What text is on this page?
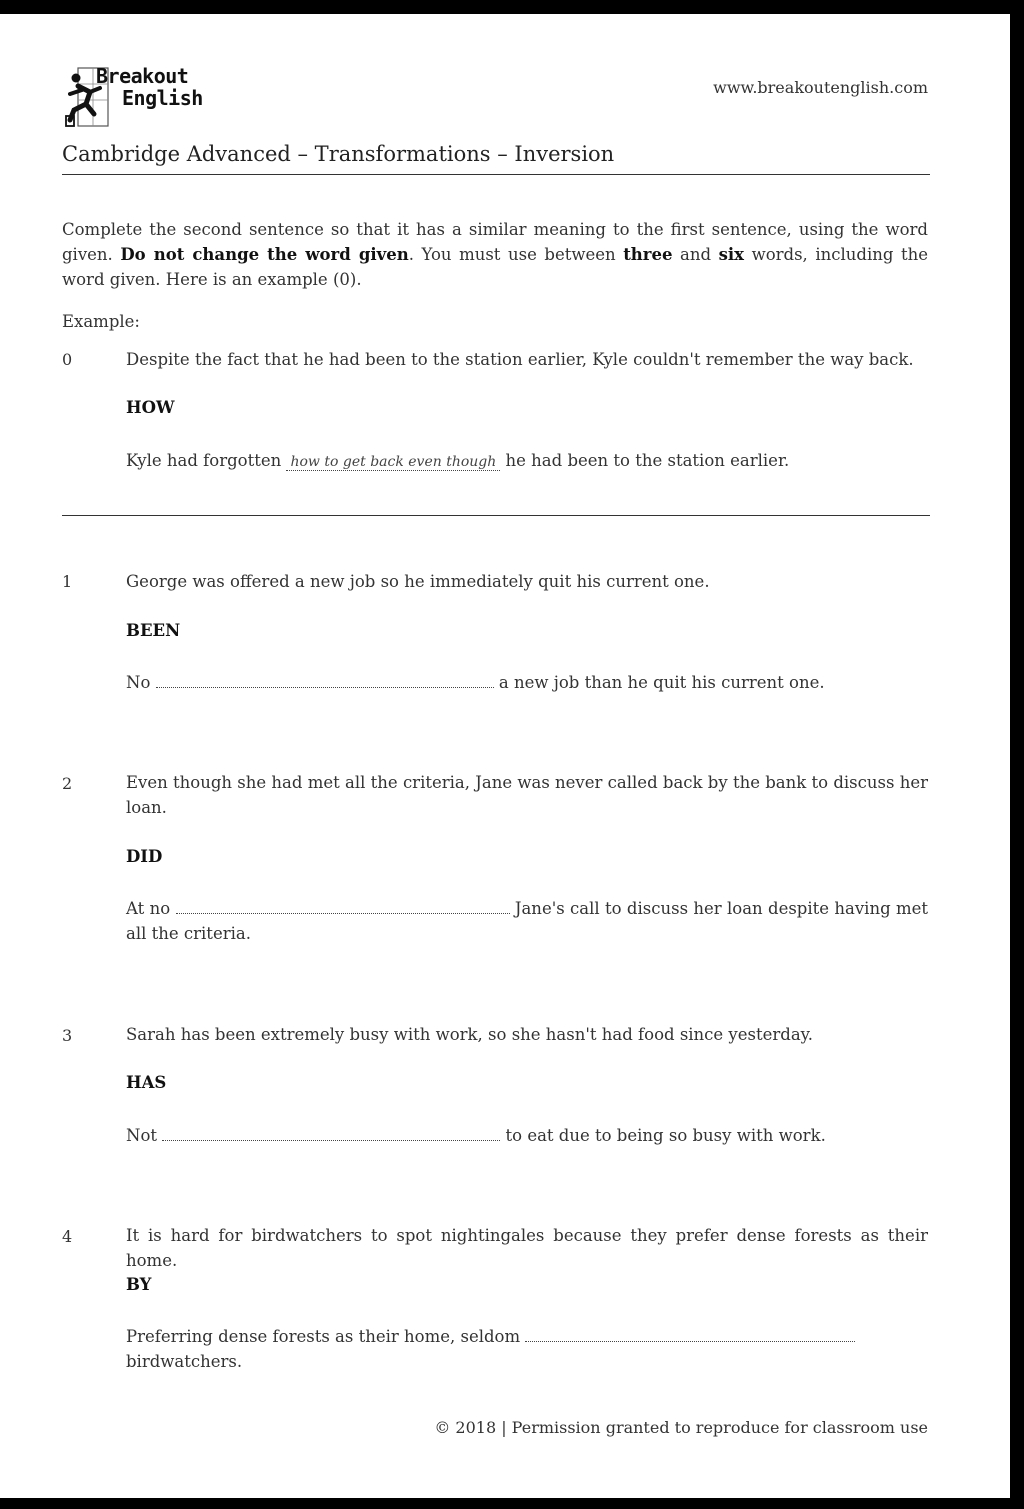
Breakout
English	www.breakoutenglish.com
Cambridge Advanced – Transformations – Inversion
Complete the second sentence so that it has a similar meaning to the first sentence, using the word given. Do not change the word given. You must use between three and six words, including the word given. Here is an example (0).
Example:
0	Despite the fact that he had been to the station earlier, Kyle couldn't remember the way back.
HOW
Kyle had forgotten how to get back even though he had been to the station earlier.
1	George was offered a new job so he immediately quit his current one.
BEEN
No	a new job than he quit his current one.
2	Even though she had met all the criteria, Jane was never called back by the bank to discuss her loan.
DID
At no	Jane's call to discuss her loan despite having met all the criteria.
3	Sarah has been extremely busy with work, so she hasn't had food since yesterday.
HAS
Not	to eat due to being so busy with work.
4	It is hard for birdwatchers to spot nightingales because they prefer dense forests as their home.
BY
Preferring dense forests as their home, seldom
birdwatchers.
© 2018 | Permission granted to reproduce for classroom use
